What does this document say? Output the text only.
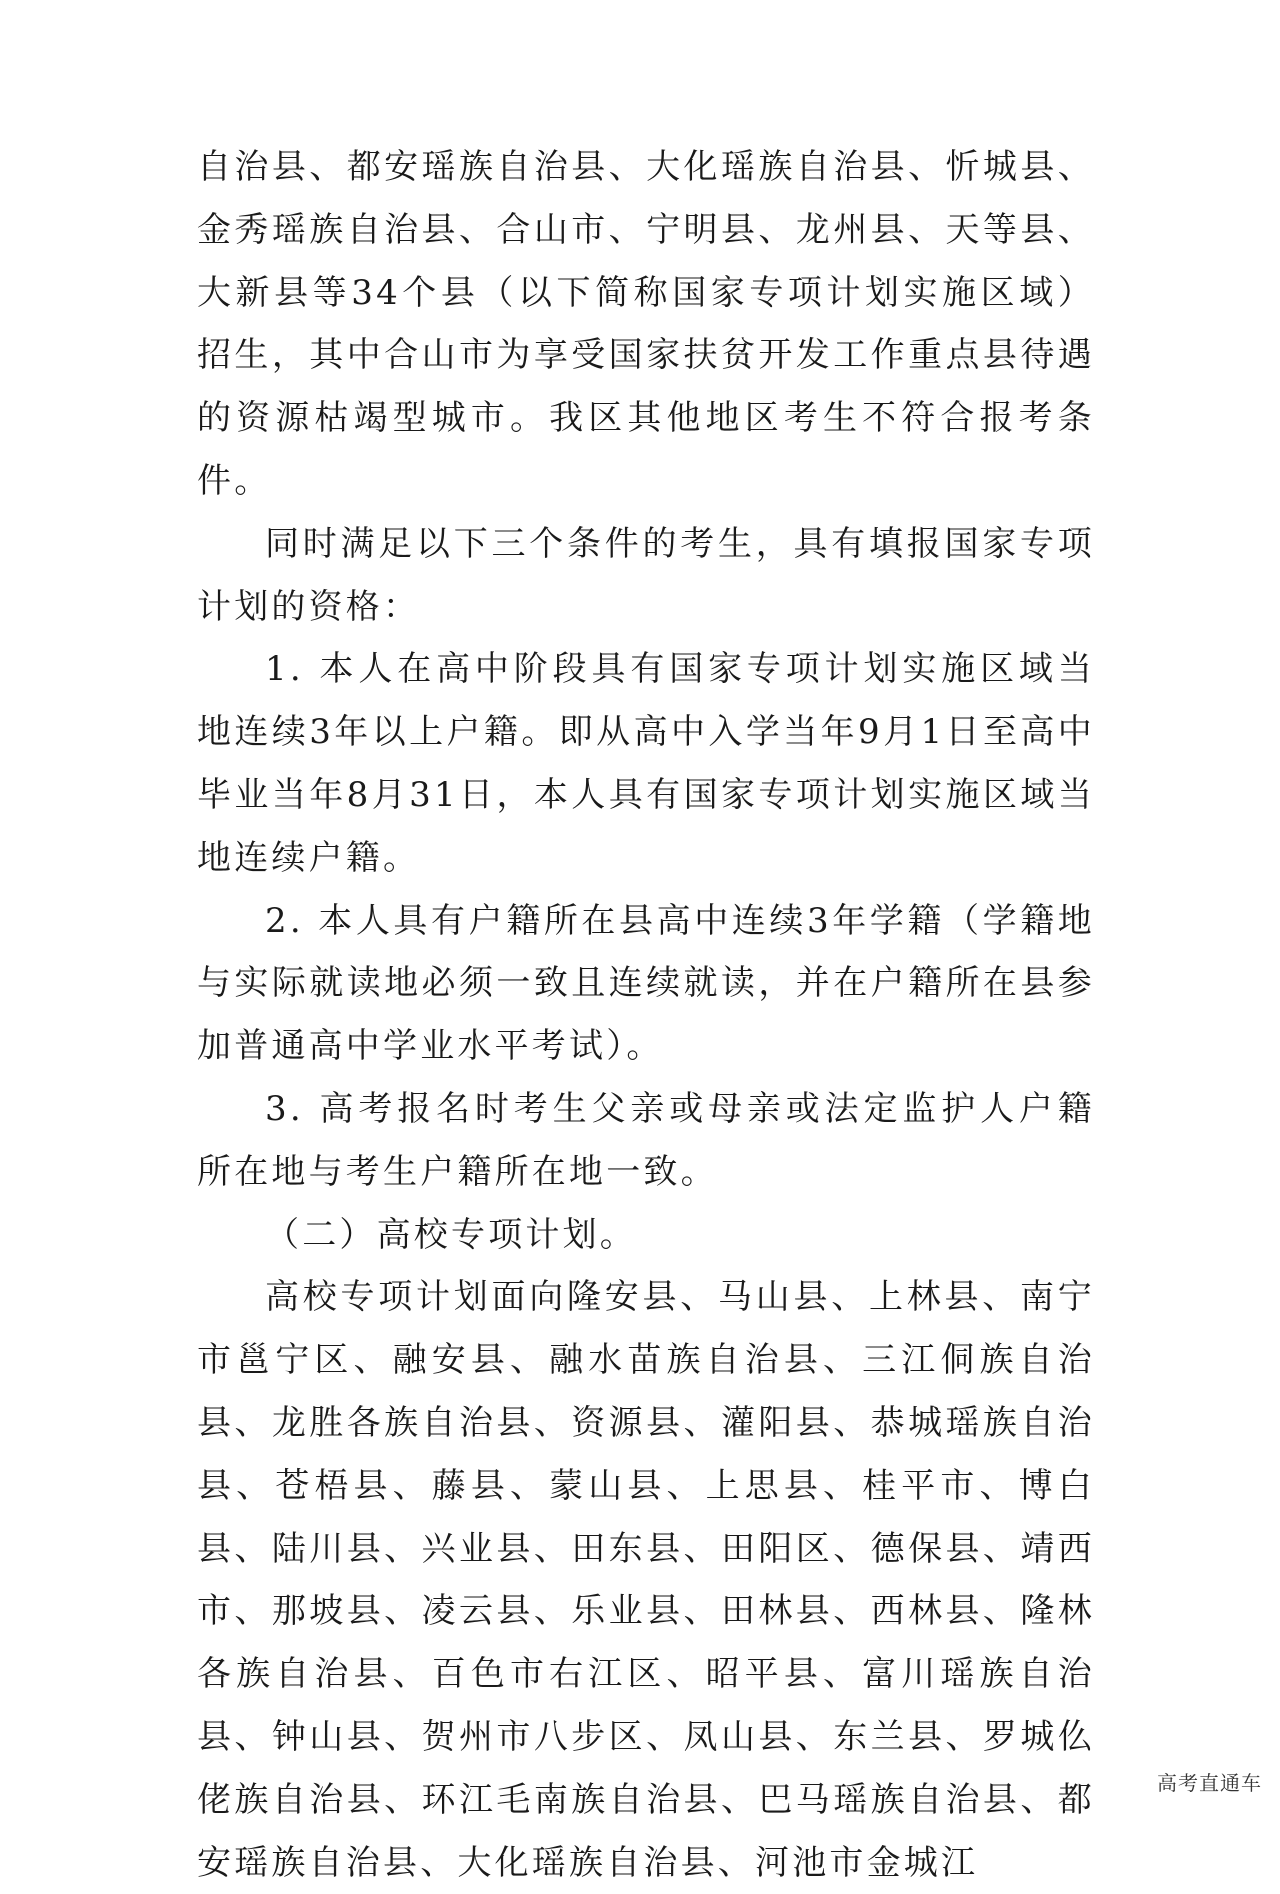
自治县、都安瑶族自治县、大化瑶族自治县、忻城县、金秀瑶族自治县、合山市、宁明县、龙州县、天等县、大新县等34个县（以下简称国家专项计划实施区域）招生，其中合山市为享受国家扶贫开发工作重点县待遇的资源枯竭型城市。我区其他地区考生不符合报考条件。

同时满足以下三个条件的考生，具有填报国家专项计划的资格：

1. 本人在高中阶段具有国家专项计划实施区域当地连续3年以上户籍。即从高中入学当年9月1日至高中毕业当年8月31日，本人具有国家专项计划实施区域当地连续户籍。

2. 本人具有户籍所在县高中连续3年学籍（学籍地与实际就读地必须一致且连续就读，并在户籍所在县参加普通高中学业水平考试）。

3. 高考报名时考生父亲或母亲或法定监护人户籍所在地与考生户籍所在地一致。

（二）高校专项计划。

高校专项计划面向隆安县、马山县、上林县、南宁市邕宁区、融安县、融水苗族自治县、三江侗族自治县、龙胜各族自治县、资源县、灌阳县、恭城瑶族自治县、苍梧县、藤县、蒙山县、上思县、桂平市、博白县、陆川县、兴业县、田东县、田阳区、德保县、靖西市、那坡县、凌云县、乐业县、田林县、西林县、隆林各族自治县、百色市右江区、昭平县、富川瑶族自治县、钟山县、贺州市八步区、凤山县、东兰县、罗城仫佬族自治县、环江毛南族自治县、巴马瑶族自治县、都安瑶族自治县、大化瑶族自治县、河池市金城江

高考直通车
